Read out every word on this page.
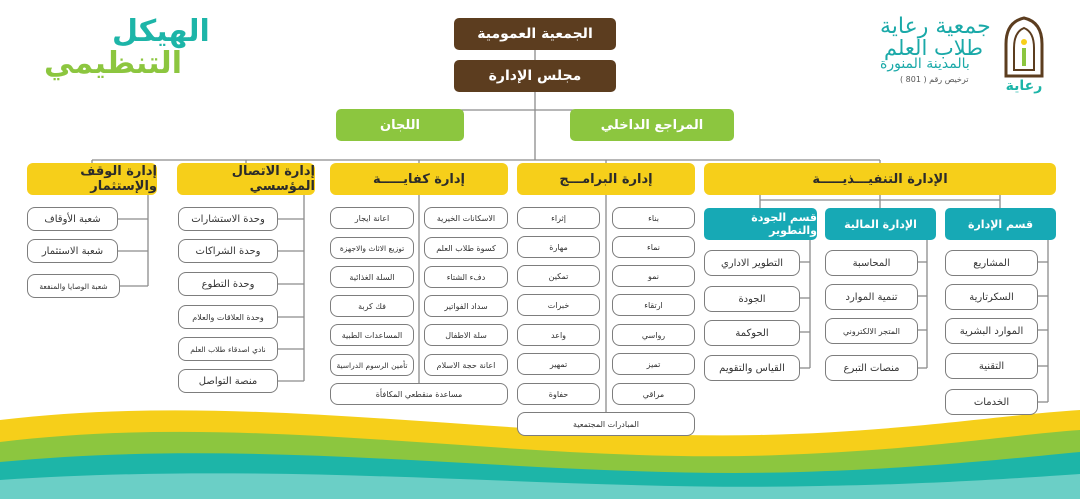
الهيكل
التنظيمي
جمعية رعاية
طلاب العلم
بالمدينة المنورة
ترخيص رقم ( 801 )	رعاية
الجمعية العمومية
مجلس الإدارة
اللجان	المراجع الداخلي
إدارة الوقف والإستثمار
إدارة الاتصال المؤسسي	إدارة كفايـــــة	إدارة البرامـــج	الإدارة التنفيـــذيـــــة
شعبة الأوقاف
شعبة الاستثمار
شعبة الوصايا والمنفعة
وحدة الاستشارات
وحدة الشراكات
وحدة التطوع
وحدة العلاقات والعلام
نادي اصدقاء طلاب العلم
منصة التواصل
الاسكانات الخيرية
كسوة طلاب العلم
دفء الشتاء
سداد الفواتير
سلة الاطفال
اعانة حجة الاسلام
اعانة ايجار
توزيع الاثاث والاجهزة
السلة الغذائية
فك كربة
المساعدات الطبية
تأمين الرسوم الدراسية
مساعدة منقطعي المكافأة
بناء
نماء
نمو
ارتقاء
رواسي
تميز
مراقي
إثراء
مهارة
تمكين
خبرات
واعد
تمهير
حفاوة
المبادرات المجتمعية
قسم الإدارة
الإدارة المالية
قسم الجودة والتطوير
المشاريع
السكرتارية
الموارد البشرية
التقنية
الخدمات
المحاسبة
تنمية الموارد
المتجر الالكتروني
منصات التبرع
التطوير الاداري
الجودة
الحوكمة
القياس والتقويم
